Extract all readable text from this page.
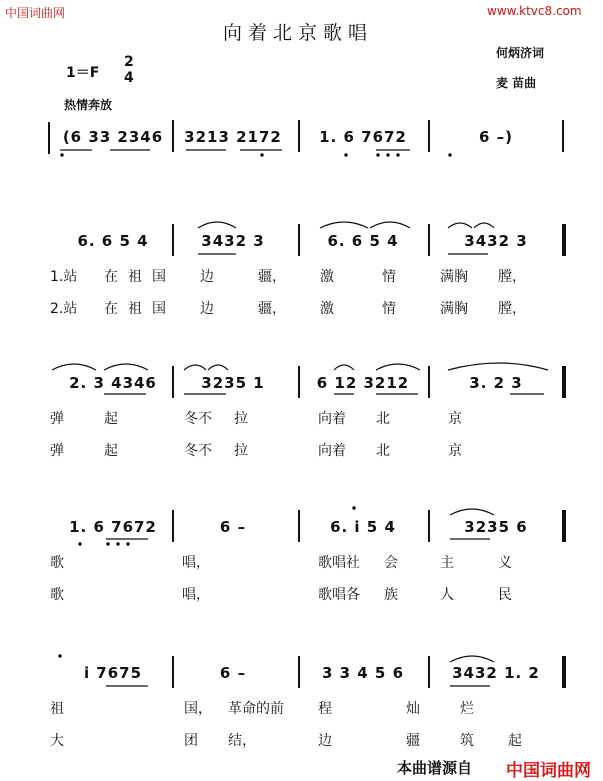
中国词曲网	www.ktvc8.com
向着北京歌唱
1＝F
2
4
何炳济词
麦 苗曲
热情奔放
(6 33 2346	3213 2172	1. 6 7672	6 –)
6. 6 5 4	3432 3	6. 6 5 4	3432 3
1.站 在 祖 国 边	疆， 激	情	满胸 膛，
2.站 在 祖 国 边	疆， 激	情	满胸 膛，
2. 3 4346	3235 1	6 12 3212	3. 2 3
弹	起	冬不 拉	向着 北	京
弹	起	冬不 拉	向着 北	京
1. 6 7672	6 –	6. i 5 4	3235 6
歌	唱，	歌唱社 会	主	义
歌	唱，	歌唱各 族	人	民
i 7675	6 –	3 3 4 5 6	3432 1. 2
祖	国， 革命的前 程	灿	烂
大	团 结，	边	疆	筑 起
本曲谱源自 中国词曲网
